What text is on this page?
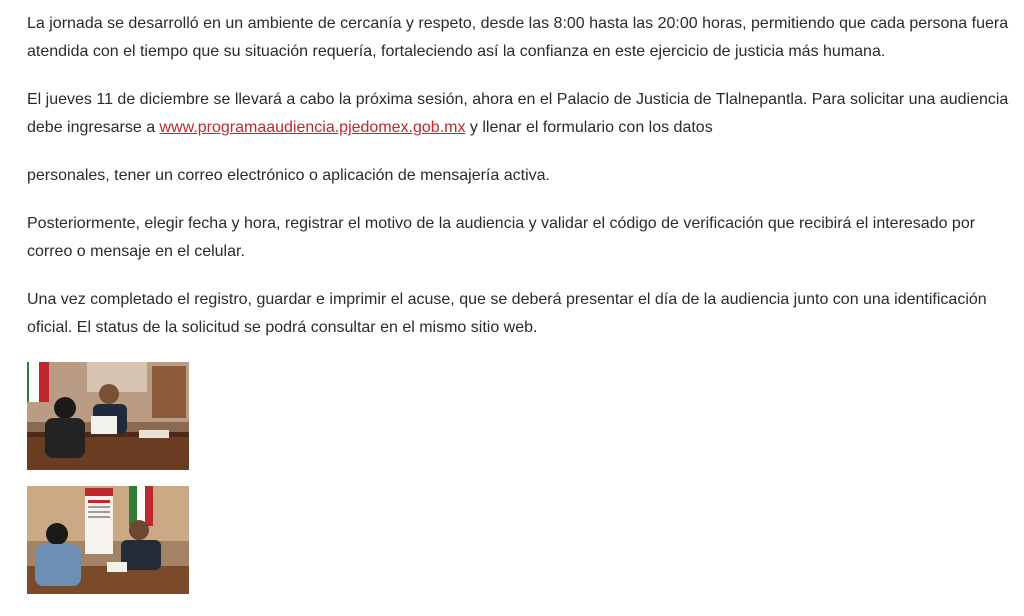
La jornada se desarrolló en un ambiente de cercanía y respeto, desde las 8:00 hasta las 20:00 horas, permitiendo que cada persona fuera atendida con el tiempo que su situación requería, fortaleciendo así la confianza en este ejercicio de justicia más humana.

El jueves 11 de diciembre se llevará a cabo la próxima sesión, ahora en el Palacio de Justicia de Tlalnepantla. Para solicitar una audiencia debe ingresarse a www.programaaudiencia.pjedomex.gob.mx y llenar el formulario con los datos

personales, tener un correo electrónico o aplicación de mensajería activa.

Posteriormente, elegir fecha y hora, registrar el motivo de la audiencia y validar el código de verificación que recibirá el interesado por correo o mensaje en el celular.

Una vez completado el registro, guardar e imprimir el acuse, que se deberá presentar el día de la audiencia junto con una identificación oficial. El status de la solicitud se podrá consultar en el mismo sitio web.
